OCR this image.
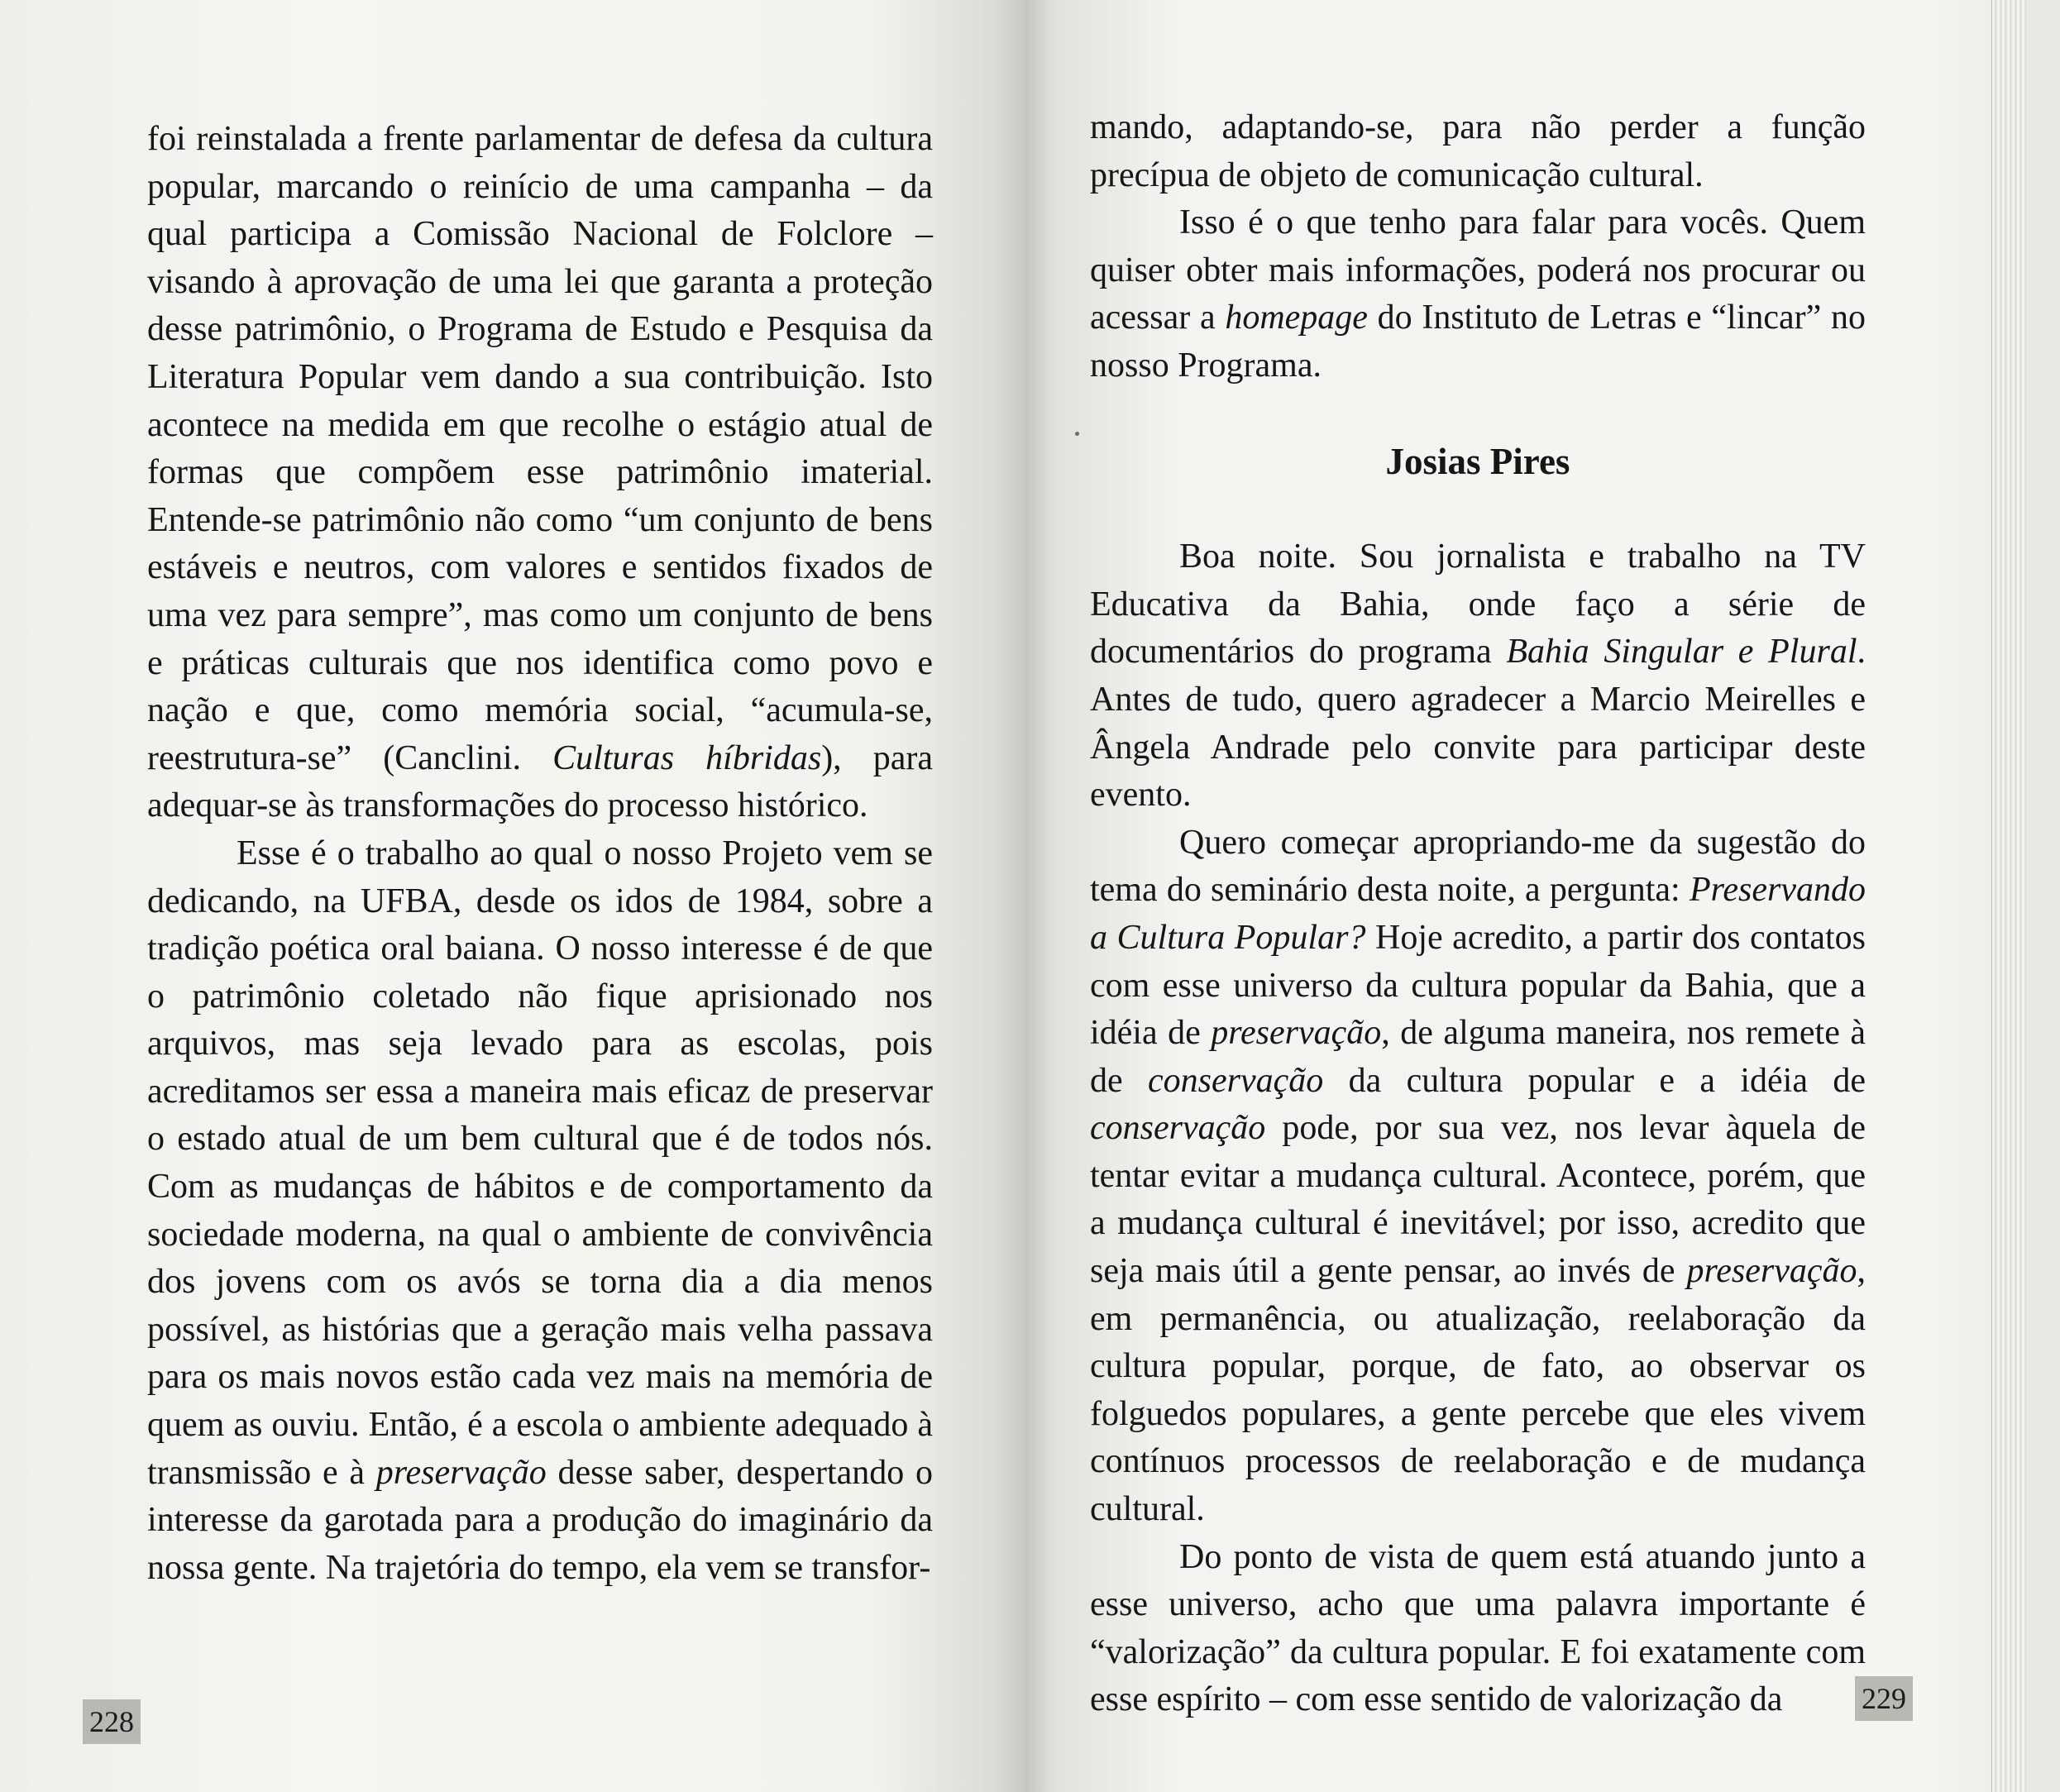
foi reinstalada a frente parlamentar de defesa da cultura popular, marcando o reinício de uma campanha – da qual participa a Comissão Nacional de Folclore – visando à aprovação de uma lei que garanta a proteção desse patrimônio, o Programa de Estudo e Pesquisa da Literatura Popular vem dando a sua contribuição. Isto acontece na medida em que recolhe o estágio atual de formas que compõem esse patrimônio imaterial. Entende-se patrimônio não como “um conjunto de bens estáveis e neutros, com valores e sentidos fixados de uma vez para sempre”, mas como um conjunto de bens e práticas culturais que nos identifica como povo e nação e que, como memória social, “acumula-se, reestrutura-se” (Canclini. Culturas híbridas), para adequar-se às transformações do processo histórico.

Esse é o trabalho ao qual o nosso Projeto vem se dedicando, na UFBA, desde os idos de 1984, sobre a tradição poética oral baiana. O nosso interesse é de que o patrimônio coletado não fique aprisionado nos arquivos, mas seja levado para as escolas, pois acreditamos ser essa a maneira mais eficaz de preservar o estado atual de um bem cultural que é de todos nós. Com as mudanças de hábitos e de comportamento da sociedade moderna, na qual o ambiente de convivência dos jovens com os avós se torna dia a dia menos possível, as histórias que a geração mais velha passava para os mais novos estão cada vez mais na memória de quem as ouviu. Então, é a escola o ambiente adequado à transmissão e à preservação desse saber, despertando o interesse da garotada para a produção do imaginário da nossa gente. Na trajetória do tempo, ela vem se transfor-

228

mando, adaptando-se, para não perder a função precípua de objeto de comunicação cultural.

Isso é o que tenho para falar para vocês. Quem quiser obter mais informações, poderá nos procurar ou acessar a homepage do Instituto de Letras e “lincar” no nosso Programa.

Josias Pires

Boa noite. Sou jornalista e trabalho na TV Educativa da Bahia, onde faço a série de documentários do programa Bahia Singular e Plural. Antes de tudo, quero agradecer a Marcio Meirelles e Ângela Andrade pelo convite para participar deste evento.

Quero começar apropriando-me da sugestão do tema do seminário desta noite, a pergunta: Preservando a Cultura Popular? Hoje acredito, a partir dos contatos com esse universo da cultura popular da Bahia, que a idéia de preservação, de alguma maneira, nos remete à de conservação da cultura popular e a idéia de conservação pode, por sua vez, nos levar àquela de tentar evitar a mudança cultural. Acontece, porém, que a mudança cultural é inevitável; por isso, acredito que seja mais útil a gente pensar, ao invés de preservação, em permanência, ou atualização, reelaboração da cultura popular, porque, de fato, ao observar os folguedos populares, a gente percebe que eles vivem contínuos processos de reelaboração e de mudança cultural.

Do ponto de vista de quem está atuando junto a esse universo, acho que uma palavra importante é “valorização” da cultura popular. E foi exatamente com esse espírito – com esse sentido de valorização da	229
